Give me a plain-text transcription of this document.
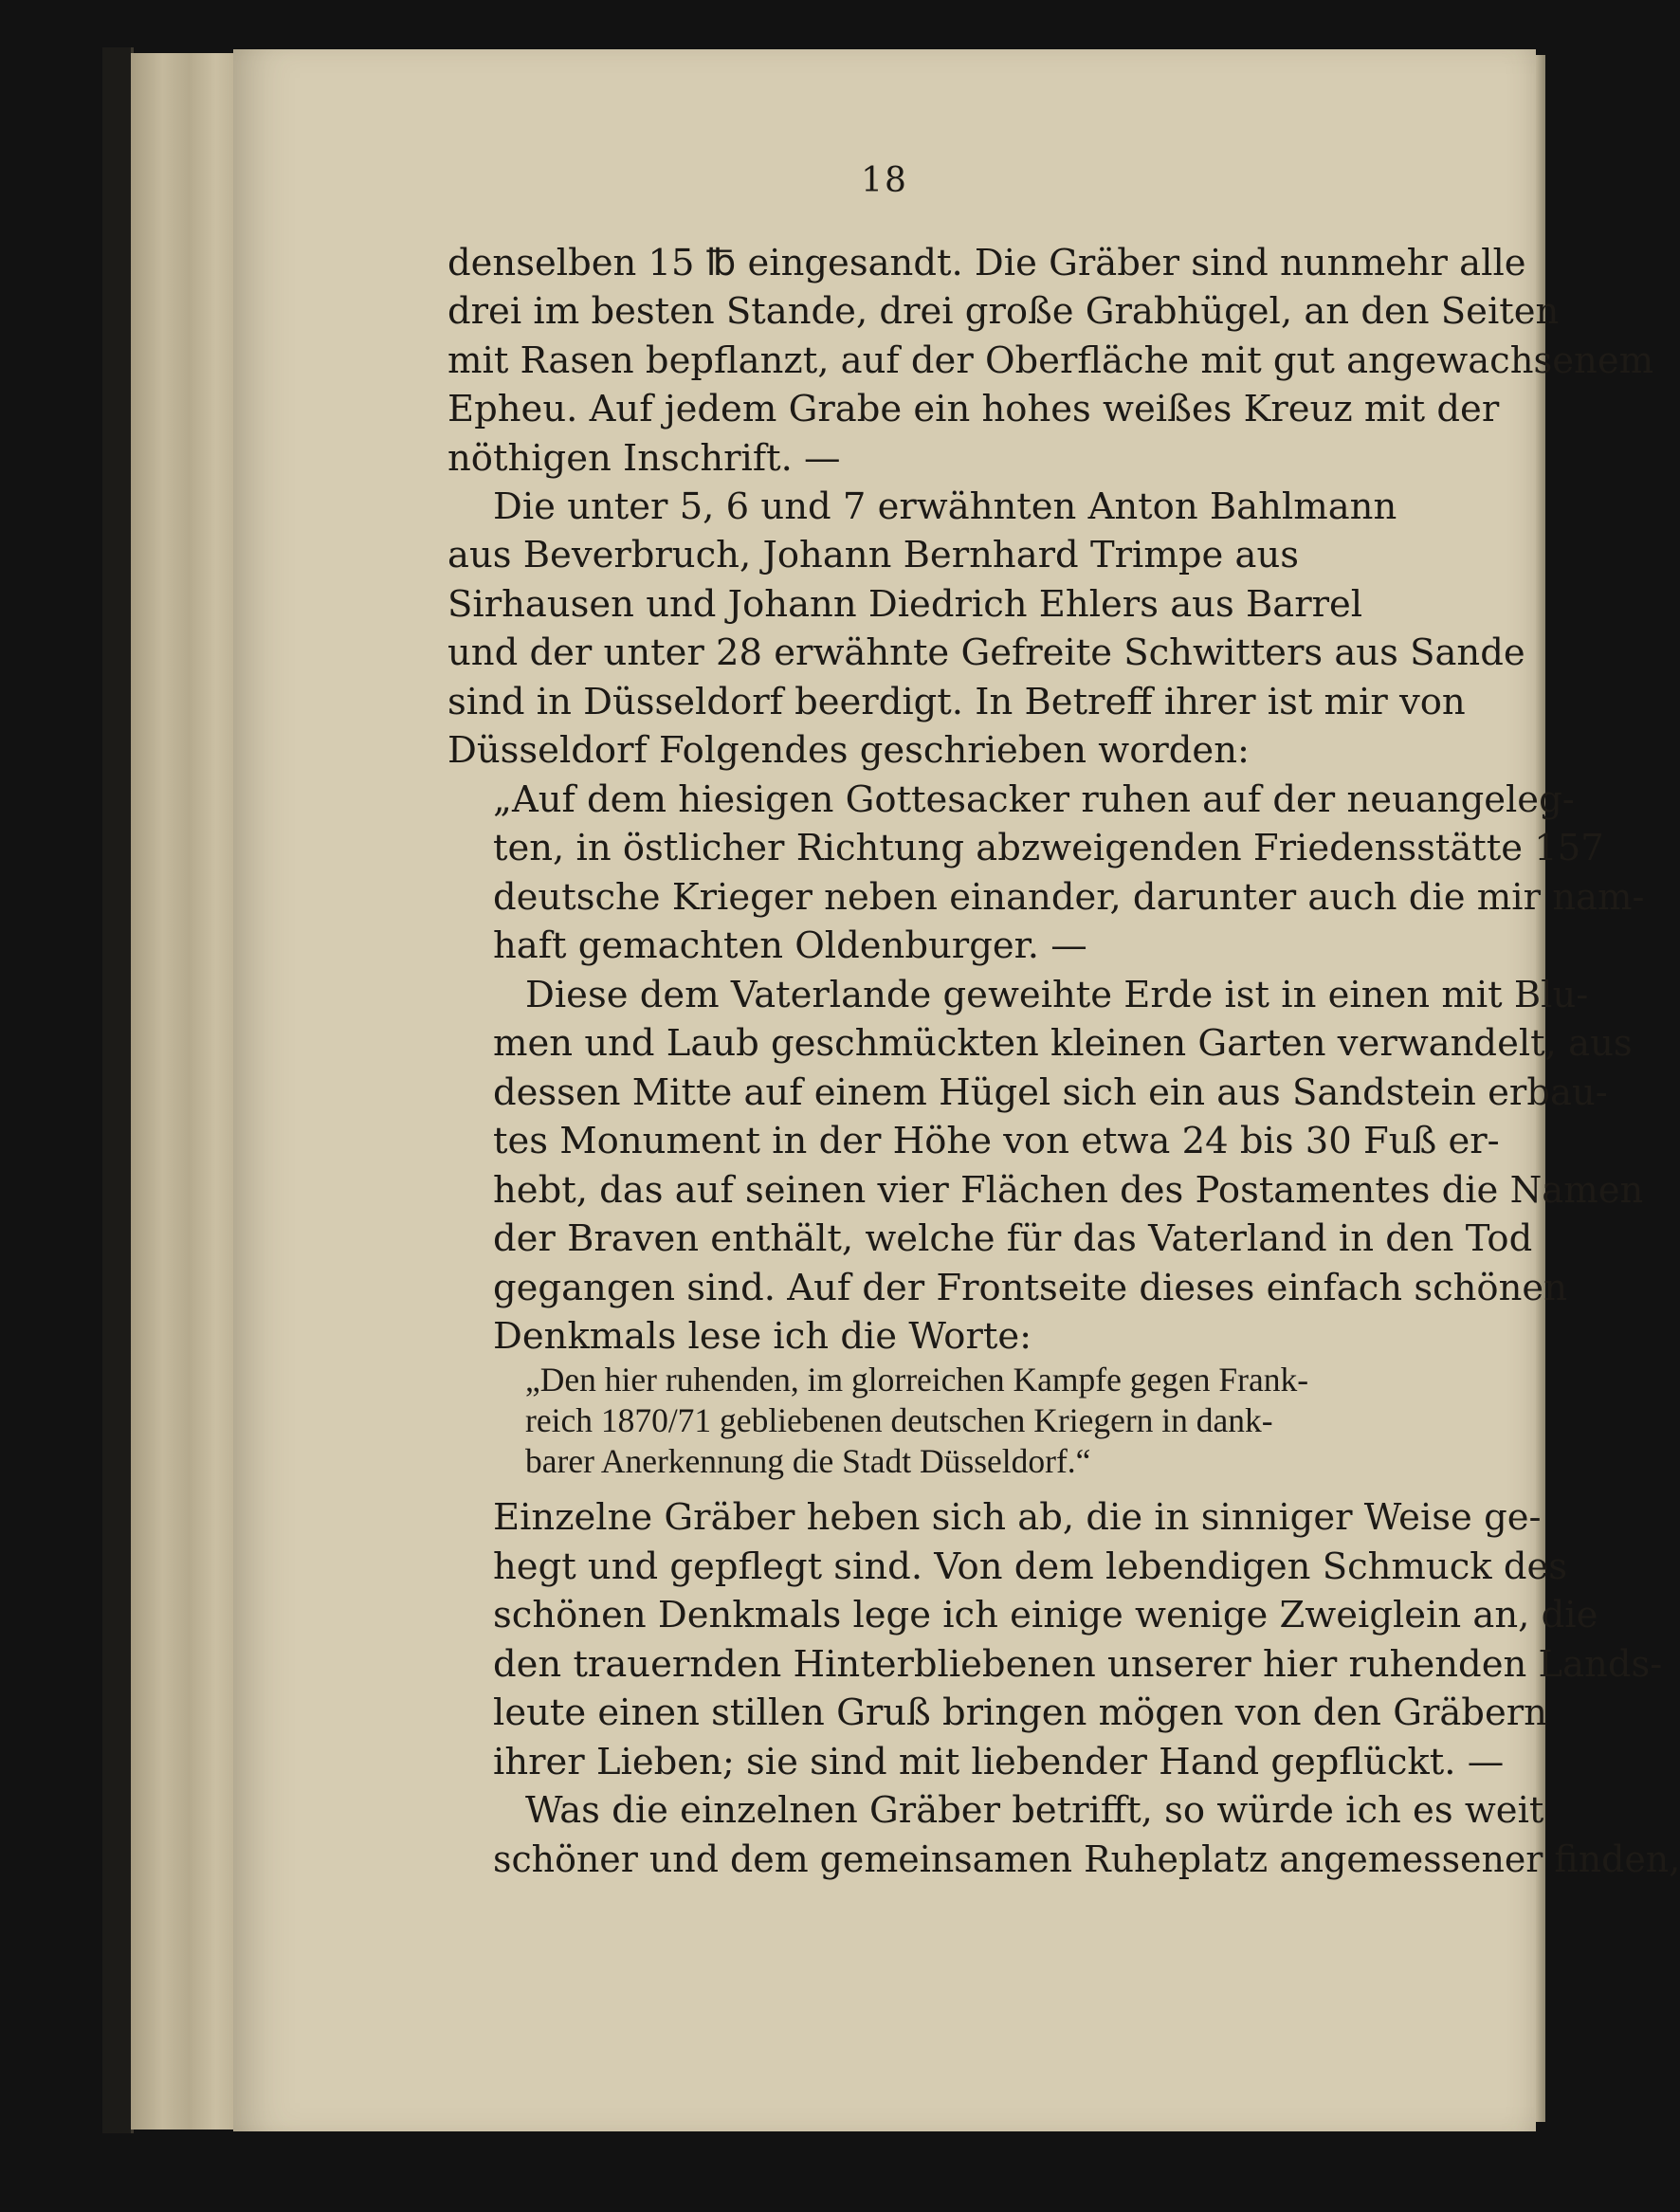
18
denselben 15 ℔ eingesandt. Die Gräber sind nunmehr alle
drei im besten Stande, drei große Grabhügel, an den Seiten
mit Rasen bepflanzt, auf der Oberfläche mit gut angewachsenem
Epheu. Auf jedem Grabe ein hohes weißes Kreuz mit der
nöthigen Inschrift. —
Die unter 5, 6 und 7 erwähnten Anton Bahlmann
aus Beverbruch, Johann Bernhard Trimpe aus
Sirhausen und Johann Diedrich Ehlers aus Barrel
und der unter 28 erwähnte Gefreite Schwitters aus Sande
sind in Düsseldorf beerdigt. In Betreff ihrer ist mir von
Düsseldorf Folgendes geschrieben worden:
„Auf dem hiesigen Gottesacker ruhen auf der neuangeleg-
ten, in östlicher Richtung abzweigenden Friedensstätte 157
deutsche Krieger neben einander, darunter auch die mir nam-
haft gemachten Oldenburger. —
Diese dem Vaterlande geweihte Erde ist in einen mit Blu-
men und Laub geschmückten kleinen Garten verwandelt, aus
dessen Mitte auf einem Hügel sich ein aus Sandstein erbau-
tes Monument in der Höhe von etwa 24 bis 30 Fuß er-
hebt, das auf seinen vier Flächen des Postamentes die Namen
der Braven enthält, welche für das Vaterland in den Tod
gegangen sind. Auf der Frontseite dieses einfach schönen
Denkmals lese ich die Worte:
„Den hier ruhenden, im glorreichen Kampfe gegen Frank-
reich 1870/71 gebliebenen deutschen Kriegern in dank-
barer Anerkennung die Stadt Düsseldorf.“
Einzelne Gräber heben sich ab, die in sinniger Weise ge-
hegt und gepflegt sind. Von dem lebendigen Schmuck des
schönen Denkmals lege ich einige wenige Zweiglein an, die
den trauernden Hinterbliebenen unserer hier ruhenden Lands-
leute einen stillen Gruß bringen mögen von den Gräbern
ihrer Lieben; sie sind mit liebender Hand gepflückt. —
Was die einzelnen Gräber betrifft, so würde ich es weit
schöner und dem gemeinsamen Ruheplatz angemessener finden,
